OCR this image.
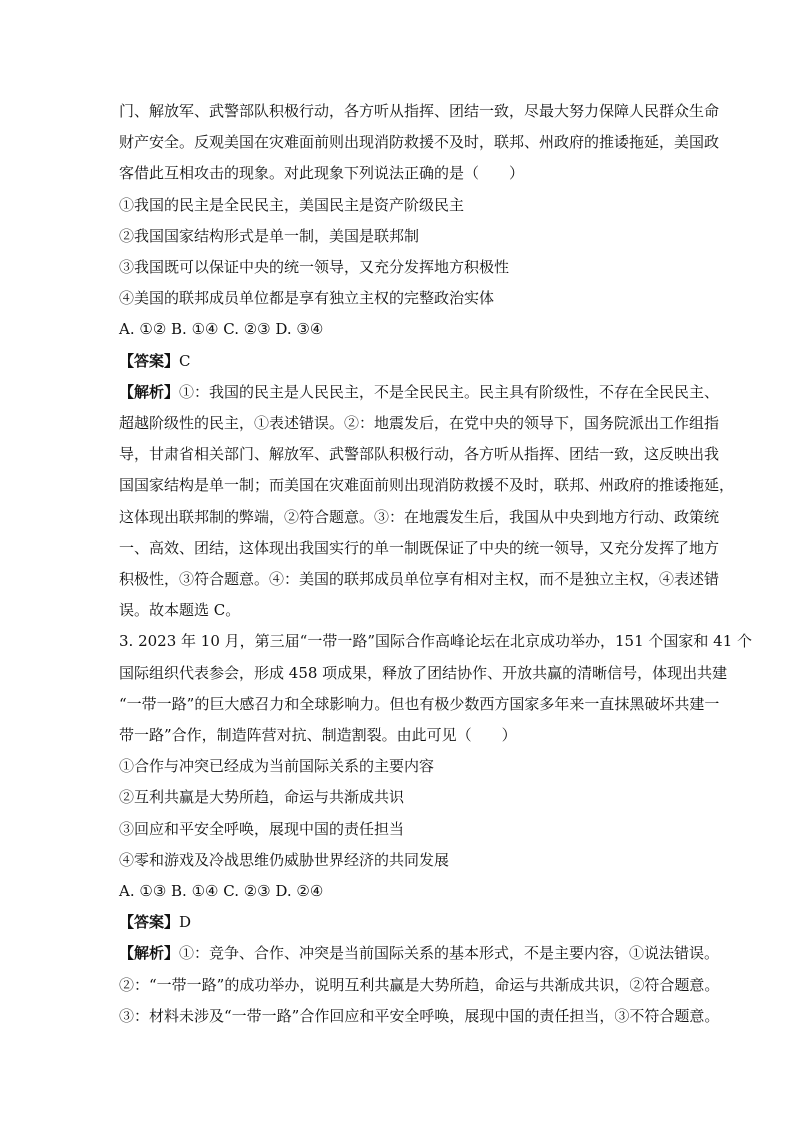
门、解放军、武警部队积极行动，各方听从指挥、团结一致，尽最大努力保障人民群众生命
财产安全。反观美国在灾难面前则出现消防救援不及时，联邦、州政府的推诿拖延，美国政
客借此互相攻击的现象。对此现象下列说法正确的是（　　）
①我国的民主是全民民主，美国民主是资产阶级民主
②我国国家结构形式是单一制，美国是联邦制
③我国既可以保证中央的统一领导，又充分发挥地方积极性
④美国的联邦成员单位都是享有独立主权的完整政治实体
A. ①② B. ①④ C. ②③ D. ③④
【答案】C
【解析】①：我国的民主是人民民主，不是全民民主。民主具有阶级性，不存在全民民主、
超越阶级性的民主，①表述错误。②：地震发后，在党中央的领导下，国务院派出工作组指
导，甘肃省相关部门、解放军、武警部队积极行动，各方听从指挥、团结一致，这反映出我
国国家结构是单一制；而美国在灾难面前则出现消防救援不及时，联邦、州政府的推诿拖延，
这体现出联邦制的弊端，②符合题意。③：在地震发生后，我国从中央到地方行动、政策统
一、高效、团结，这体现出我国实行的单一制既保证了中央的统一领导，又充分发挥了地方
积极性，③符合题意。④：美国的联邦成员单位享有相对主权，而不是独立主权，④表述错
误。故本题选 C。
3. 2023 年 10 月，第三届“一带一路”国际合作高峰论坛在北京成功举办，151 个国家和 41 个
国际组织代表参会，形成 458 项成果，释放了团结协作、开放共赢的清晰信号，体现出共建
“一带一路”的巨大感召力和全球影响力。但也有极少数西方国家多年来一直抹黑破坏共建一
带一路”合作，制造阵营对抗、制造割裂。由此可见（　　）
①合作与冲突已经成为当前国际关系的主要内容
②互利共赢是大势所趋，命运与共渐成共识
③回应和平安全呼唤，展现中国的责任担当
④零和游戏及冷战思维仍威胁世界经济的共同发展
A. ①③ B. ①④ C. ②③ D. ②④
【答案】D
【解析】①：竞争、合作、冲突是当前国际关系的基本形式，不是主要内容，①说法错误。
②：“一带一路”的成功举办，说明互利共赢是大势所趋，命运与共渐成共识，②符合题意。
③：材料未涉及“一带一路”合作回应和平安全呼唤，展现中国的责任担当，③不符合题意。
